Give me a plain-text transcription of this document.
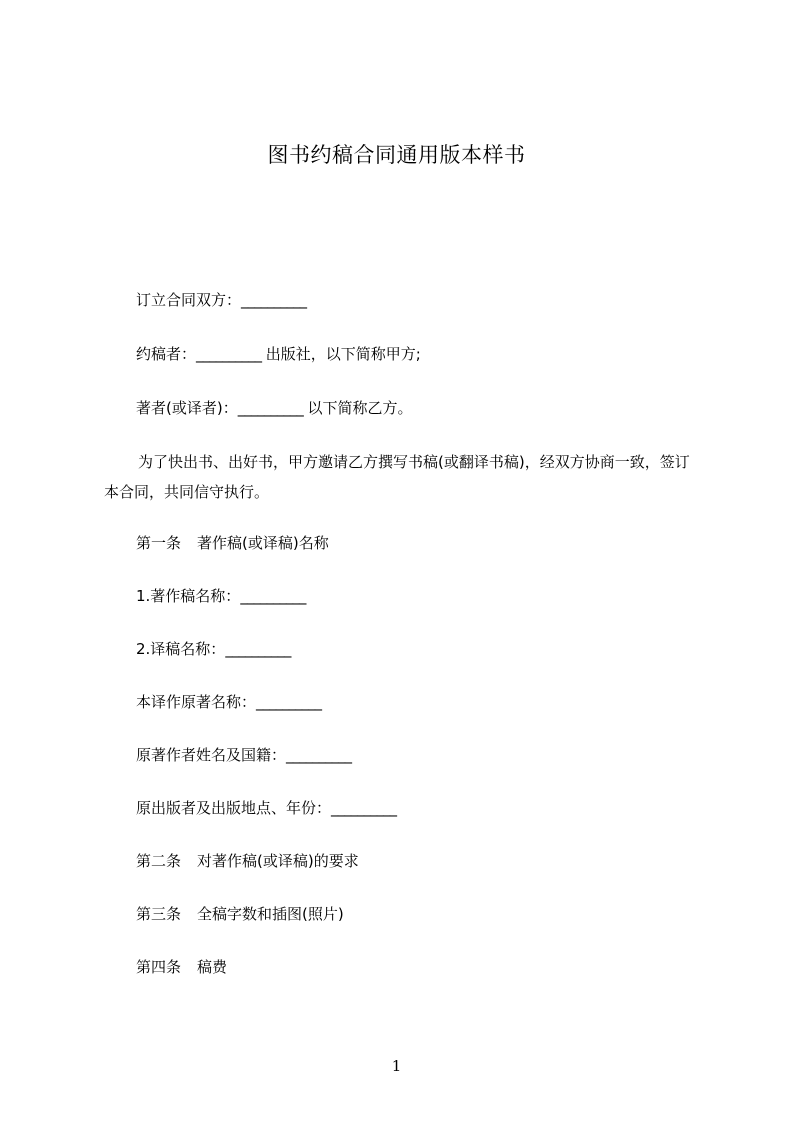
图书约稿合同通用版本样书
订立合同双方：__________
约稿者：__________ 出版社，以下简称甲方;
著者(或译者)：__________ 以下简称乙方。
为了快出书、出好书，甲方邀请乙方撰写书稿(或翻译书稿)，经双方协商一致，签订本合同，共同信守执行。
第一条 著作稿(或译稿)名称
1.著作稿名称：__________
2.译稿名称：__________
本译作原著名称：__________
原著作者姓名及国籍：__________
原出版者及出版地点、年份：__________
第二条 对著作稿(或译稿)的要求
第三条 全稿字数和插图(照片)
第四条 稿费
1
